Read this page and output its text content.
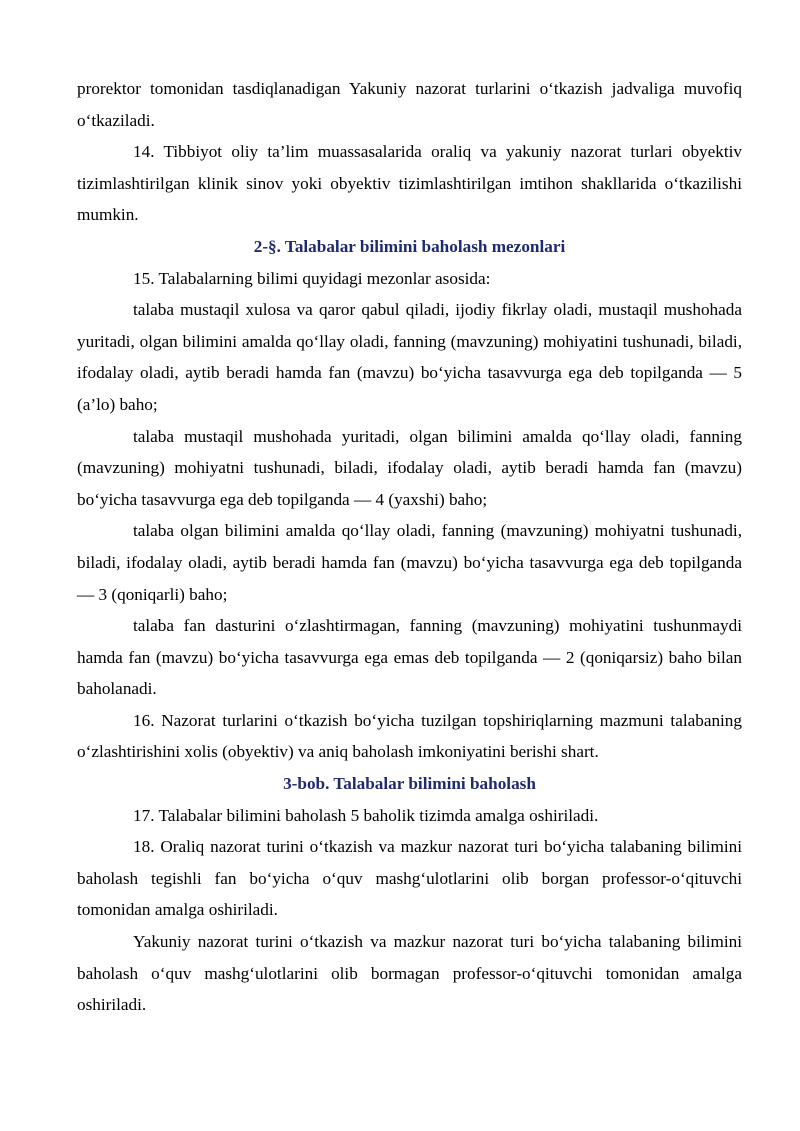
prorektor tomonidan tasdiqlanadigan Yakuniy nazorat turlarini o‘tkazish jadvaliga muvofiq o‘tkaziladi.

14. Tibbiyot oliy ta’lim muassasalarida oraliq va yakuniy nazorat turlari obyektiv tizimlashtirilgan klinik sinov yoki obyektiv tizimlashtirilgan imtihon shakllarida o‘tkazilishi mumkin.

2-§. Talabalar bilimini baholash mezonlari

15. Talabalarning bilimi quyidagi mezonlar asosida:

talaba mustaqil xulosa va qaror qabul qiladi, ijodiy fikrlay oladi, mustaqil mushohada yuritadi, olgan bilimini amalda qo‘llay oladi, fanning (mavzuning) mohiyatini tushunadi, biladi, ifodalay oladi, aytib beradi hamda fan (mavzu) bo‘yicha tasavvurga ega deb topilganda — 5 (a’lo) baho;

talaba mustaqil mushohada yuritadi, olgan bilimini amalda qo‘llay oladi, fanning (mavzuning) mohiyatni tushunadi, biladi, ifodalay oladi, aytib beradi hamda fan (mavzu) bo‘yicha tasavvurga ega deb topilganda — 4 (yaxshi) baho;

talaba olgan bilimini amalda qo‘llay oladi, fanning (mavzuning) mohiyatni tushunadi, biladi, ifodalay oladi, aytib beradi hamda fan (mavzu) bo‘yicha tasavvurga ega deb topilganda — 3 (qoniqarli) baho;

talaba fan dasturini o‘zlashtirmagan, fanning (mavzuning) mohiyatini tushunmaydi hamda fan (mavzu) bo‘yicha tasavvurga ega emas deb topilganda — 2 (qoniqarsiz) baho bilan baholanadi.

16. Nazorat turlarini o‘tkazish bo‘yicha tuzilgan topshiriqlarning mazmuni talabaning o‘zlashtirishini xolis (obyektiv) va aniq baholash imkoniyatini berishi shart.

3-bob. Talabalar bilimini baholash

17. Talabalar bilimini baholash 5 baholik tizimda amalga oshiriladi.

18. Oraliq nazorat turini o‘tkazish va mazkur nazorat turi bo‘yicha talabaning bilimini baholash tegishli fan bo‘yicha o‘quv mashg‘ulotlarini olib borgan professor-o‘qituvchi tomonidan amalga oshiriladi.

Yakuniy nazorat turini o‘tkazish va mazkur nazorat turi bo‘yicha talabaning bilimini baholash o‘quv mashg‘ulotlarini olib bormagan professor-o‘qituvchi tomonidan amalga oshiriladi.
